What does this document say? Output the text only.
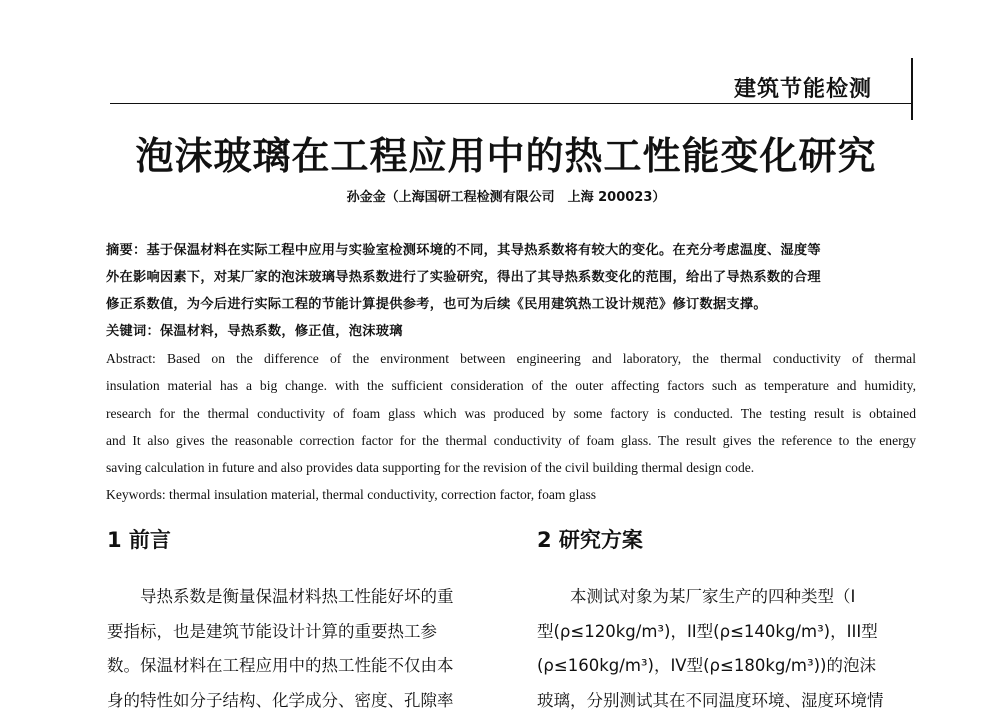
建筑节能检测
泡沫玻璃在工程应用中的热工性能变化研究
孙金金（上海国研工程检测有限公司　上海 200023）
摘要：基于保温材料在实际工程中应用与实验室检测环境的不同，其导热系数将有较大的变化。在充分考虑温度、湿度等
外在影响因素下，对某厂家的泡沫玻璃导热系数进行了实验研究，得出了其导热系数变化的范围，给出了导热系数的合理
修正系数值，为今后进行实际工程的节能计算提供参考，也可为后续《民用建筑热工设计规范》修订数据支撑。
关键词：保温材料，导热系数，修正值，泡沫玻璃
Abstract: Based on the difference of the environment between engineering and laboratory, the thermal conductivity of thermal
insulation material has a big change. with the sufficient consideration of the outer affecting factors such as temperature and humidity,
research for the thermal conductivity of foam glass which was produced by some factory is conducted. The testing result is obtained
and It also gives the reasonable correction factor for the thermal conductivity of foam glass. The result gives the reference to the energy
saving calculation in future and also provides data supporting for the revision of the civil building thermal design code.
Keywords: thermal insulation material, thermal conductivity, correction factor, foam glass
1 前言	2 研究方案
　　导热系数是衡量保温材料热工性能好坏的重
要指标，也是建筑节能设计计算的重要热工参
数。保温材料在工程应用中的热工性能不仅由本
身的特性如分子结构、化学成分、密度、孔隙率
　　本测试对象为某厂家生产的四种类型（I
型(ρ≤120kg/m³)，II型(ρ≤140kg/m³)，III型
(ρ≤160kg/m³)，IV型(ρ≤180kg/m³))的泡沫
玻璃，分别测试其在不同温度环境、湿度环境情
